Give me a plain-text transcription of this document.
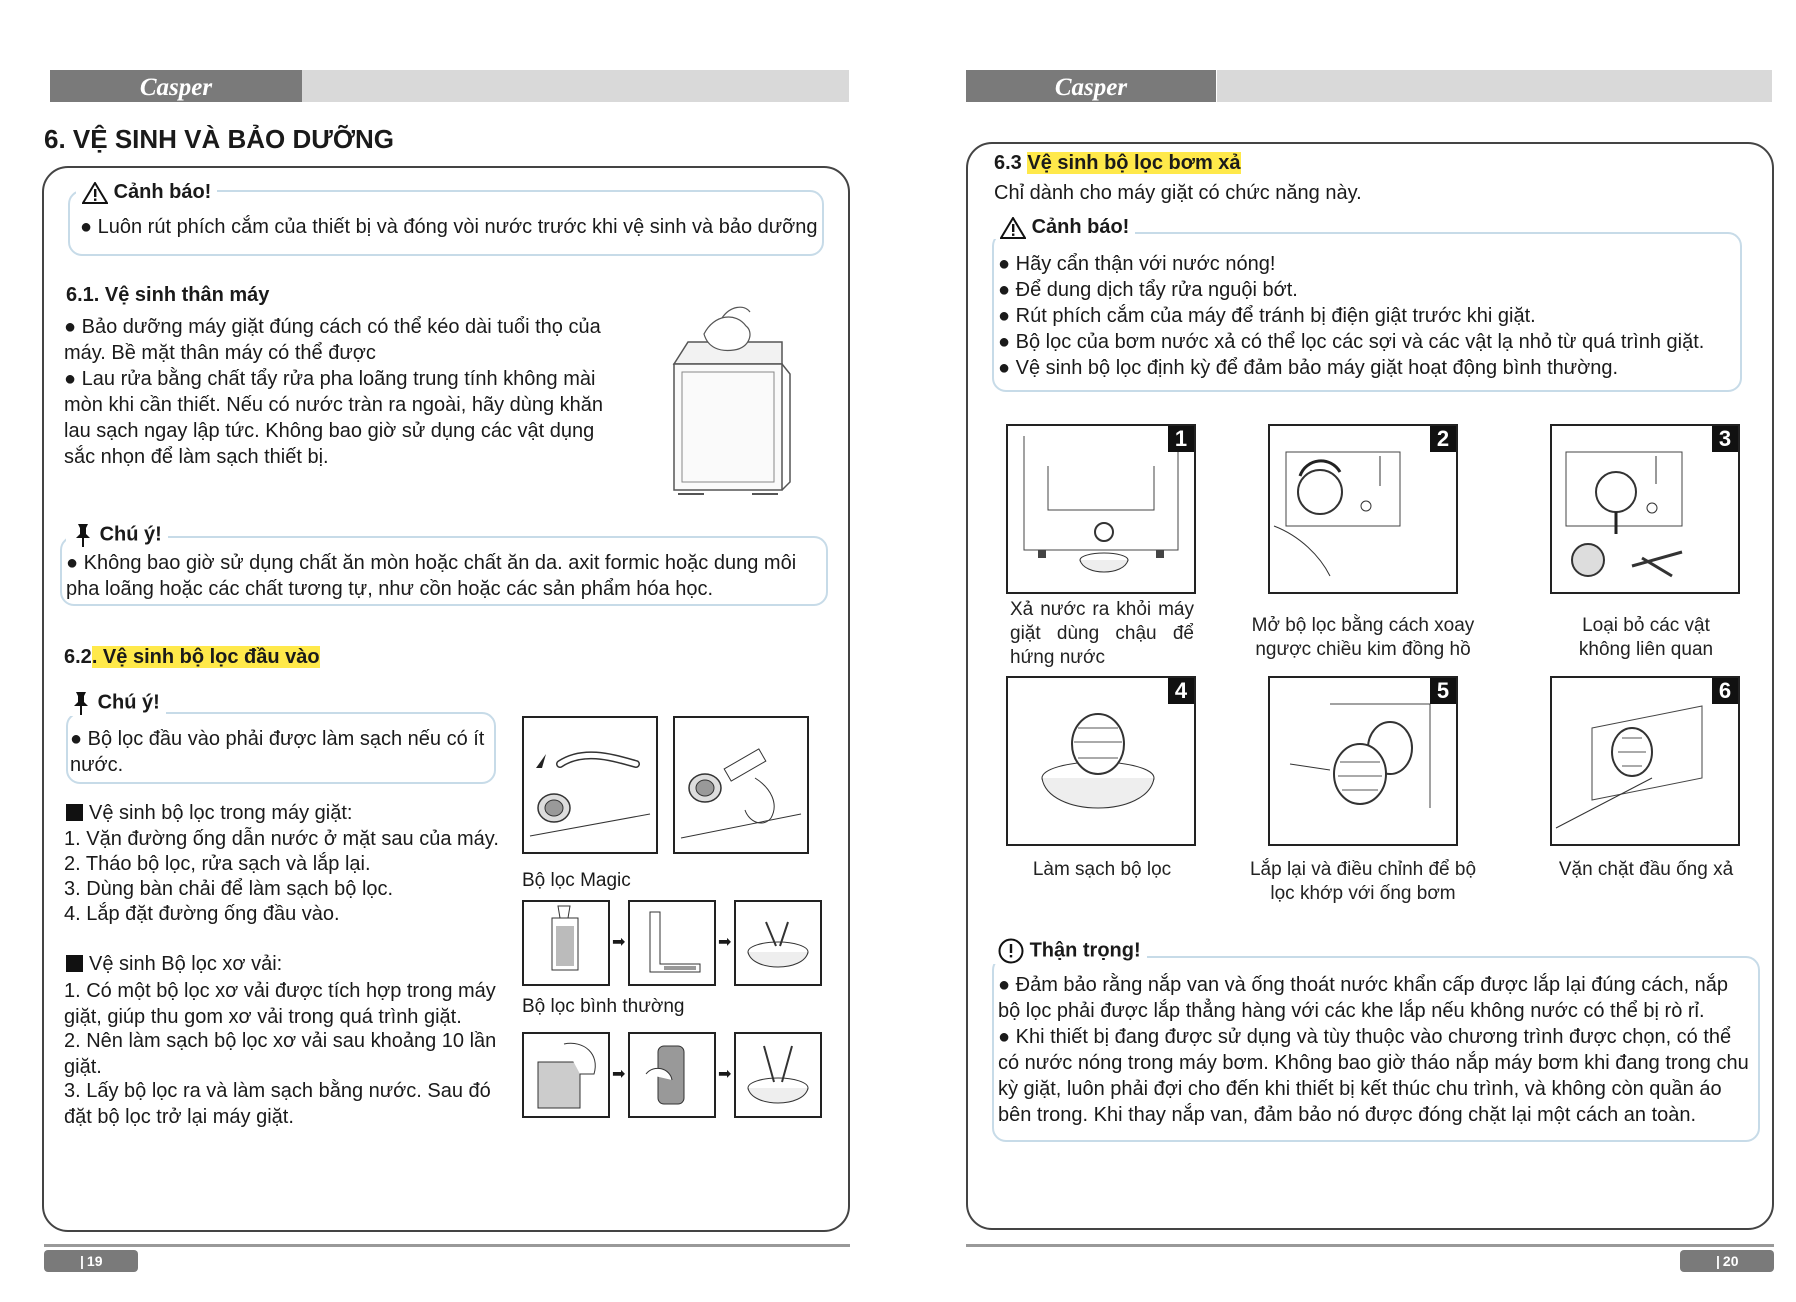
Casper
6. VỆ SINH VÀ BẢO DƯỠNG
Cảnh báo!
● Luôn rút phích cắm của thiết bị và đóng vòi nước trước khi vệ sinh và bảo dưỡng
6.1. Vệ sinh thân máy
● Bảo dưỡng máy giặt đúng cách có thể kéo dài tuổi thọ của máy. Bề mặt thân máy có thể được
● Lau rửa bằng chất tẩy rửa pha loãng trung tính không mài mòn khi cần thiết. Nếu có nước tràn ra ngoài, hãy dùng khăn lau sạch ngay lập tức. Không bao giờ sử dụng các vật dụng sắc nhọn để làm sạch thiết bị.
Chú ý!
● Không bao giờ sử dụng chất ăn mòn hoặc chất ăn da. axit formic hoặc dung môi pha loãng hoặc các chất tương tự, như cồn hoặc các sản phẩm hóa học.
6.2. Vệ sinh bộ lọc đầu vào
Chú ý!
● Bộ lọc đầu vào phải được làm sạch nếu có ít nước.
Vệ sinh bộ lọc trong máy giặt:
1. Vặn đường ống dẫn nước ở mặt sau của máy.
2. Tháo bộ lọc, rửa sạch và lắp lại.
3. Dùng bàn chải để làm sạch bộ lọc.
4. Lắp đặt đường ống đầu vào.
Vệ sinh Bộ lọc xơ vải:
1. Có một bộ lọc xơ vải được tích hợp trong máy giặt, giúp thu gom xơ vải trong quá trình giặt.
2. Nên làm sạch bộ lọc xơ vải sau khoảng 10 lần giặt.
3. Lấy bộ lọc ra và làm sạch bằng nước. Sau đó đặt bộ lọc trở lại máy giặt.
Bộ lọc Magic
➡	➡
Bộ lọc bình thường
➡	➡
| 19
Casper
6.3 Vệ sinh bộ lọc bơm xả
Chỉ dành cho máy giặt có chức năng này.
Cảnh báo!
● Hãy cẩn thận với nước nóng!
● Để dung dịch tẩy rửa nguội bớt.
● Rút phích cắm của máy để tránh bị điện giật trước khi giặt.
● Bộ lọc của bơm nước xả có thể lọc các sợi và các vật lạ nhỏ từ quá trình giặt.
● Vệ sinh bộ lọc định kỳ để đảm bảo máy giặt hoạt động bình thường.
1	2	3
Xả nước ra khỏi máy giặt dùng chậu để hứng nước
Mở bộ lọc bằng cách xoay ngược chiều kim đồng hồ
Loại bỏ các vật không liên quan
4	5	6
Làm sạch bộ lọc	Lắp lại và điều chỉnh để bộ lọc khớp với ống bơm
Vặn chặt đầu ống xả
Thận trọng!
● Đảm bảo rằng nắp van và ống thoát nước khẩn cấp được lắp lại đúng cách, nắp bộ lọc phải được lắp thẳng hàng với các khe lắp nếu không nước có thể bị rò rỉ.
● Khi thiết bị đang được sử dụng và tùy thuộc vào chương trình được chọn, có thể có nước nóng trong máy bơm. Không bao giờ tháo nắp máy bơm khi đang trong chu kỳ giặt, luôn phải đợi cho đến khi thiết bị kết thúc chu trình, và không còn quần áo bên trong. Khi thay nắp van, đảm bảo nó được đóng chặt lại một cách an toàn.
| 20
